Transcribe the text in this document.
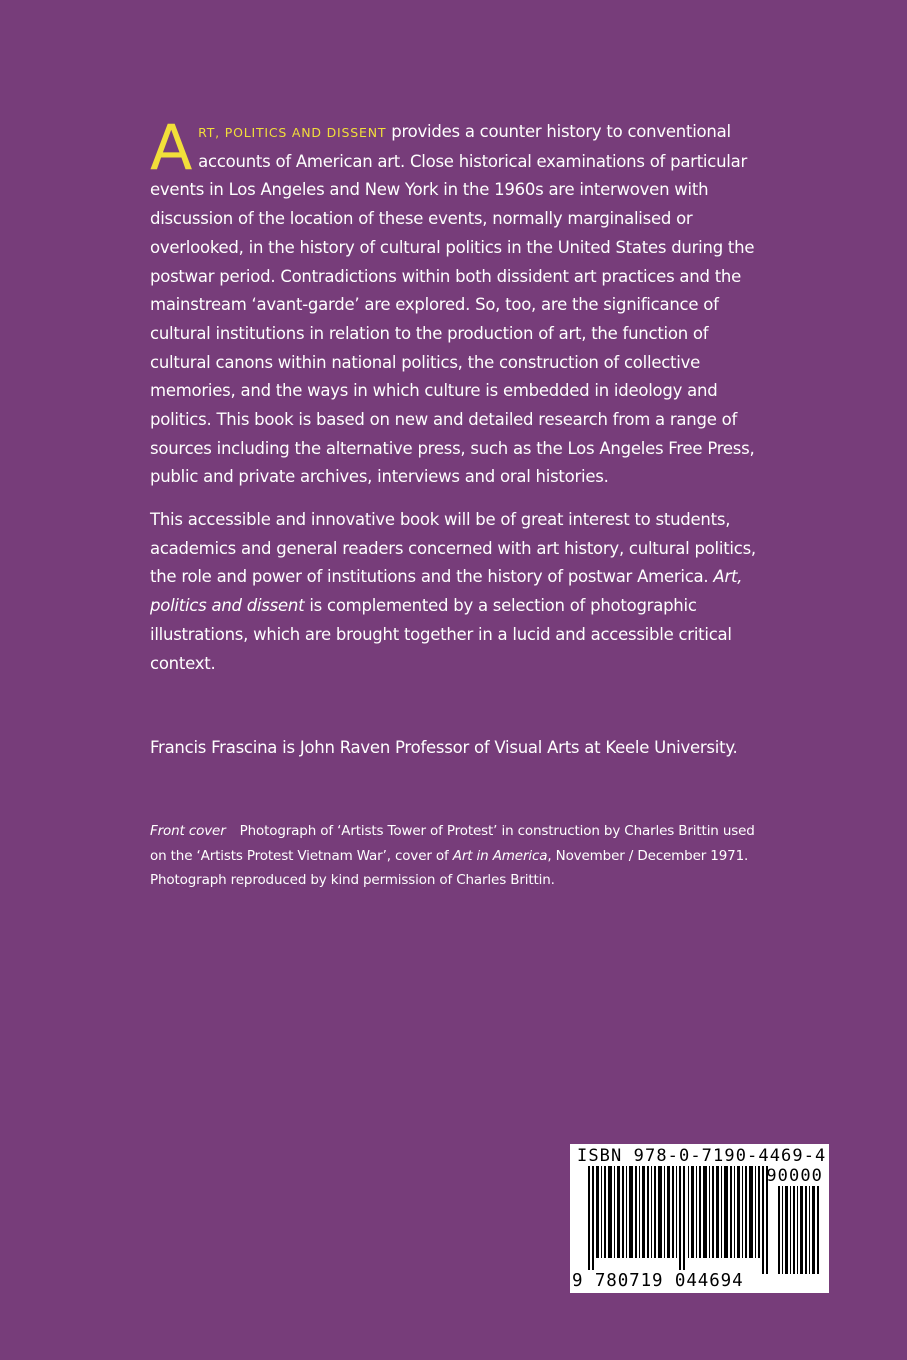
ART, POLITICS AND DISSENT provides a counter history to conventional accounts of American art. Close historical examinations of particular events in Los Angeles and New York in the 1960s are interwoven with discussion of the location of these events, normally marginalised or overlooked, in the history of cultural politics in the United States during the postwar period. Contradictions within both dissident art practices and the mainstream ‘avant-garde’ are explored. So, too, are the significance of cultural institutions in relation to the production of art, the function of cultural canons within national politics, the construction of collective memories, and the ways in which culture is embedded in ideology and politics. This book is based on new and detailed research from a range of sources including the alternative press, such as the Los Angeles Free Press, public and private archives, interviews and oral histories.
This accessible and innovative book will be of great interest to students, academics and general readers concerned with art history, cultural politics, the role and power of institutions and the history of postwar America. Art, politics and dissent is complemented by a selection of photographic illustrations, which are brought together in a lucid and accessible critical context.
Francis Frascina is John Raven Professor of Visual Arts at Keele University.
Front cover Photograph of ‘Artists Tower of Protest’ in construction by Charles Brittin used on the ‘Artists Protest Vietnam War’, cover of Art in America, November / December 1971. Photograph reproduced by kind permission of Charles Brittin.
ISBN 978-0-7190-4469-4
90000
9 780719 044694
